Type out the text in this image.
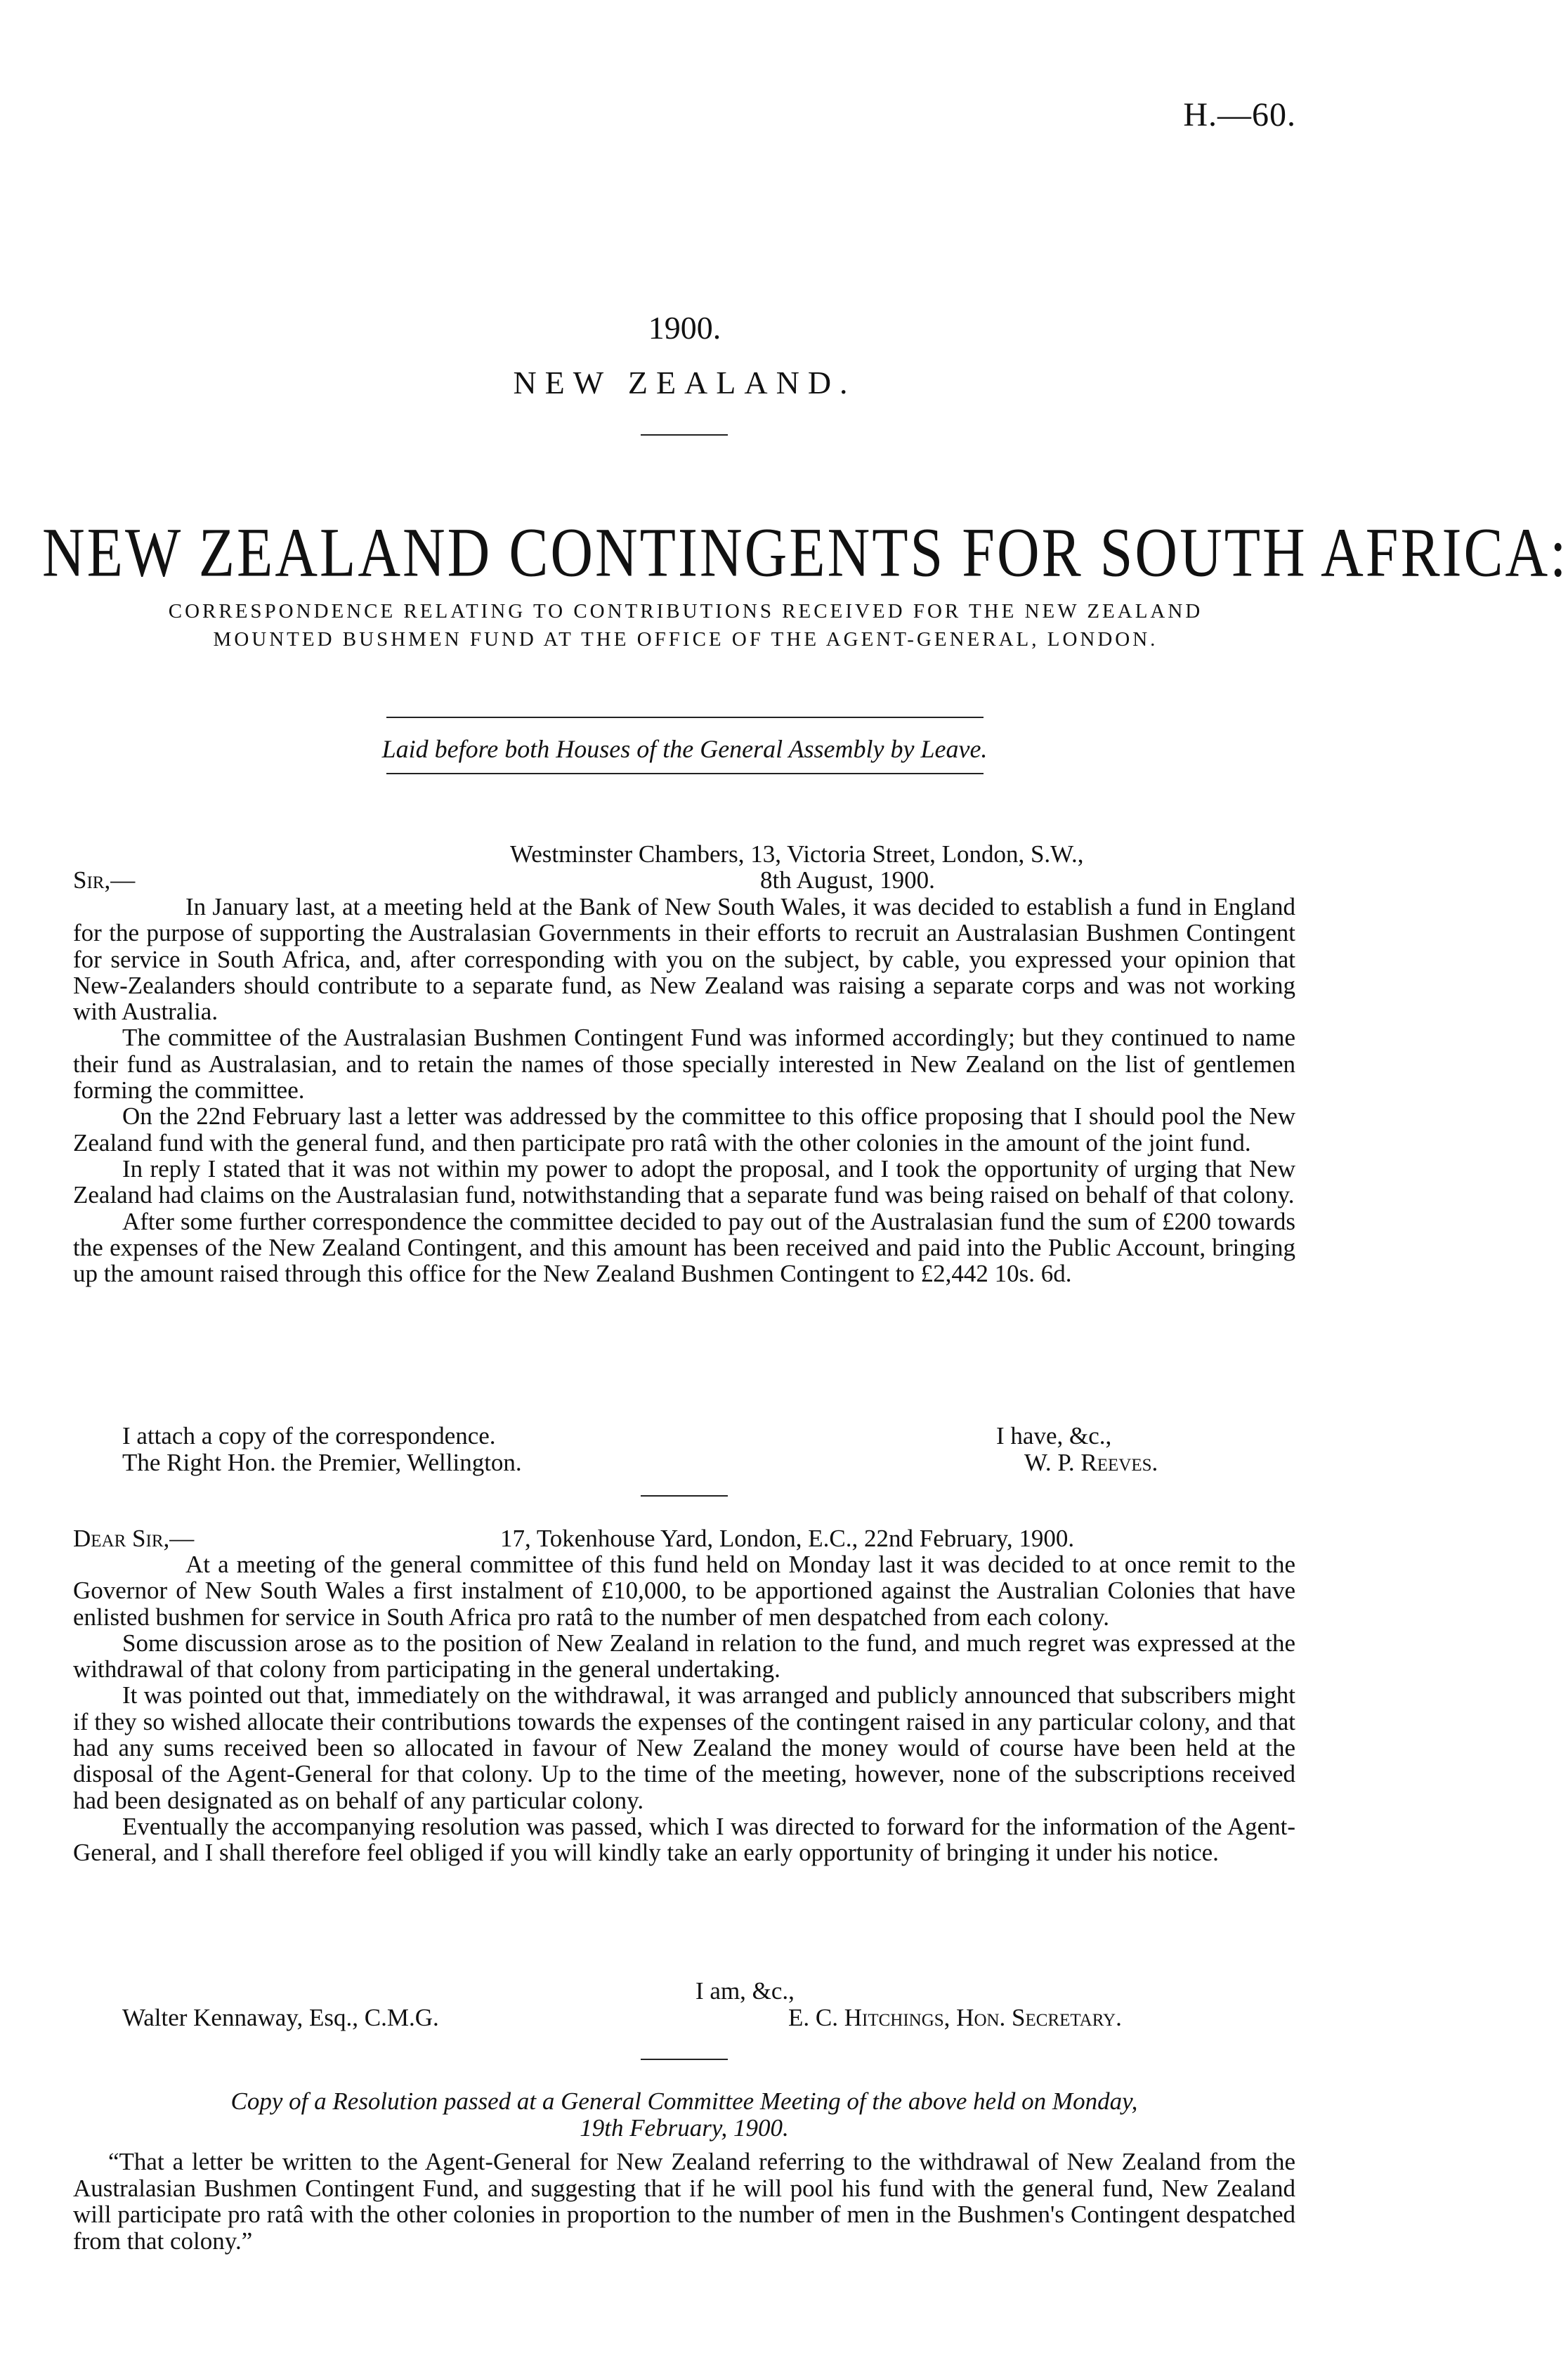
H.—60.
1900.
NEW ZEALAND.
NEW ZEALAND CONTINGENTS FOR SOUTH AFRICA:
CORRESPONDENCE RELATING TO CONTRIBUTIONS RECEIVED FOR THE NEW ZEALAND
MOUNTED BUSHMEN FUND AT THE OFFICE OF THE AGENT-GENERAL, LONDON.
Laid before both Houses of the General Assembly by Leave.
Westminster Chambers, 13, Victoria Street, London, S.W.,
Sir,—	8th August, 1900.

In January last, at a meeting held at the Bank of New South Wales, it was decided to establish a fund in England for the purpose of supporting the Australasian Governments in their efforts to recruit an Australasian Bushmen Contingent for service in South Africa, and, after corresponding with you on the subject, by cable, you expressed your opinion that New-Zealanders should contribute to a separate fund, as New Zealand was raising a separate corps and was not working with Australia.

The committee of the Australasian Bushmen Contingent Fund was informed accordingly; but they continued to name their fund as Australasian, and to retain the names of those specially interested in New Zealand on the list of gentlemen forming the committee.

On the 22nd February last a letter was addressed by the committee to this office proposing that I should pool the New Zealand fund with the general fund, and then participate pro ratâ with the other colonies in the amount of the joint fund.

In reply I stated that it was not within my power to adopt the proposal, and I took the opportunity of urging that New Zealand had claims on the Australasian fund, notwithstanding that a separate fund was being raised on behalf of that colony.

After some further correspondence the committee decided to pay out of the Australasian fund the sum of £200 towards the expenses of the New Zealand Contingent, and this amount has been received and paid into the Public Account, bringing up the amount raised through this office for the New Zealand Bushmen Contingent to £2,442 10s. 6d.

I attach a copy of the correspondence.	I have, &c.,
The Right Hon. the Premier, Wellington.	W. P. Reeves.
Dear Sir,—	17, Tokenhouse Yard, London, E.C., 22nd February, 1900.

At a meeting of the general committee of this fund held on Monday last it was decided to at once remit to the Governor of New South Wales a first instalment of £10,000, to be apportioned against the Australian Colonies that have enlisted bushmen for service in South Africa pro ratâ to the number of men despatched from each colony.

Some discussion arose as to the position of New Zealand in relation to the fund, and much regret was expressed at the withdrawal of that colony from participating in the general undertaking.

It was pointed out that, immediately on the withdrawal, it was arranged and publicly announced that subscribers might if they so wished allocate their contributions towards the expenses of the contingent raised in any particular colony, and that had any sums received been so allocated in favour of New Zealand the money would of course have been held at the disposal of the Agent-General for that colony. Up to the time of the meeting, however, none of the subscriptions received had been designated as on behalf of any particular colony.

Eventually the accompanying resolution was passed, which I was directed to forward for the information of the Agent-General, and I shall therefore feel obliged if you will kindly take an early opportunity of bringing it under his notice.

I am, &c.,
Walter Kennaway, Esq., C.M.G.	E. C. Hitchings, Hon. Secretary.
Copy of a Resolution passed at a General Committee Meeting of the above held on Monday,
19th February, 1900.

“That a letter be written to the Agent-General for New Zealand referring to the withdrawal of New Zealand from the Australasian Bushmen Contingent Fund, and suggesting that if he will pool his fund with the general fund, New Zealand will participate pro ratâ with the other colonies in proportion to the number of men in the Bushmen's Contingent despatched from that colony.”
